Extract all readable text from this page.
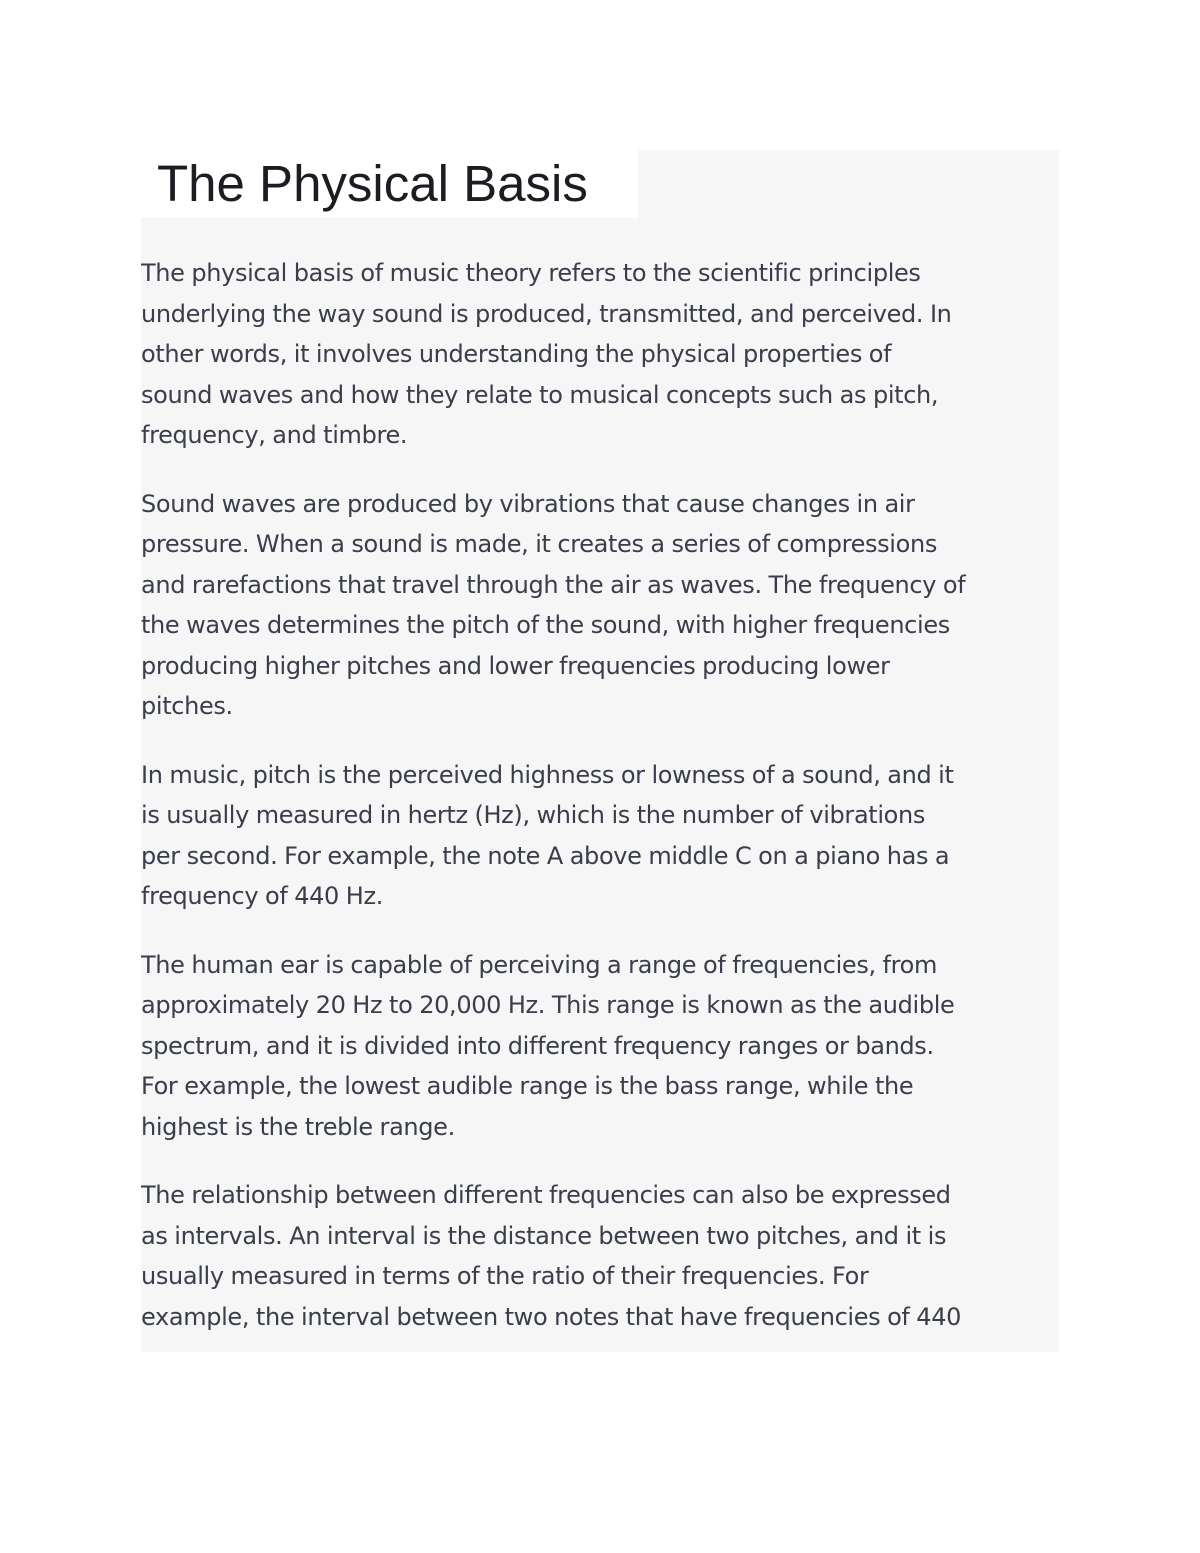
The Physical Basis

The physical basis of music theory refers to the scientific principles
underlying the way sound is produced, transmitted, and perceived. In
other words, it involves understanding the physical properties of
sound waves and how they relate to musical concepts such as pitch,
frequency, and timbre.

Sound waves are produced by vibrations that cause changes in air
pressure. When a sound is made, it creates a series of compressions
and rarefactions that travel through the air as waves. The frequency of
the waves determines the pitch of the sound, with higher frequencies
producing higher pitches and lower frequencies producing lower
pitches.

In music, pitch is the perceived highness or lowness of a sound, and it
is usually measured in hertz (Hz), which is the number of vibrations
per second. For example, the note A above middle C on a piano has a
frequency of 440 Hz.

The human ear is capable of perceiving a range of frequencies, from
approximately 20 Hz to 20,000 Hz. This range is known as the audible
spectrum, and it is divided into different frequency ranges or bands.
For example, the lowest audible range is the bass range, while the
highest is the treble range.

The relationship between different frequencies can also be expressed
as intervals. An interval is the distance between two pitches, and it is
usually measured in terms of the ratio of their frequencies. For
example, the interval between two notes that have frequencies of 440
